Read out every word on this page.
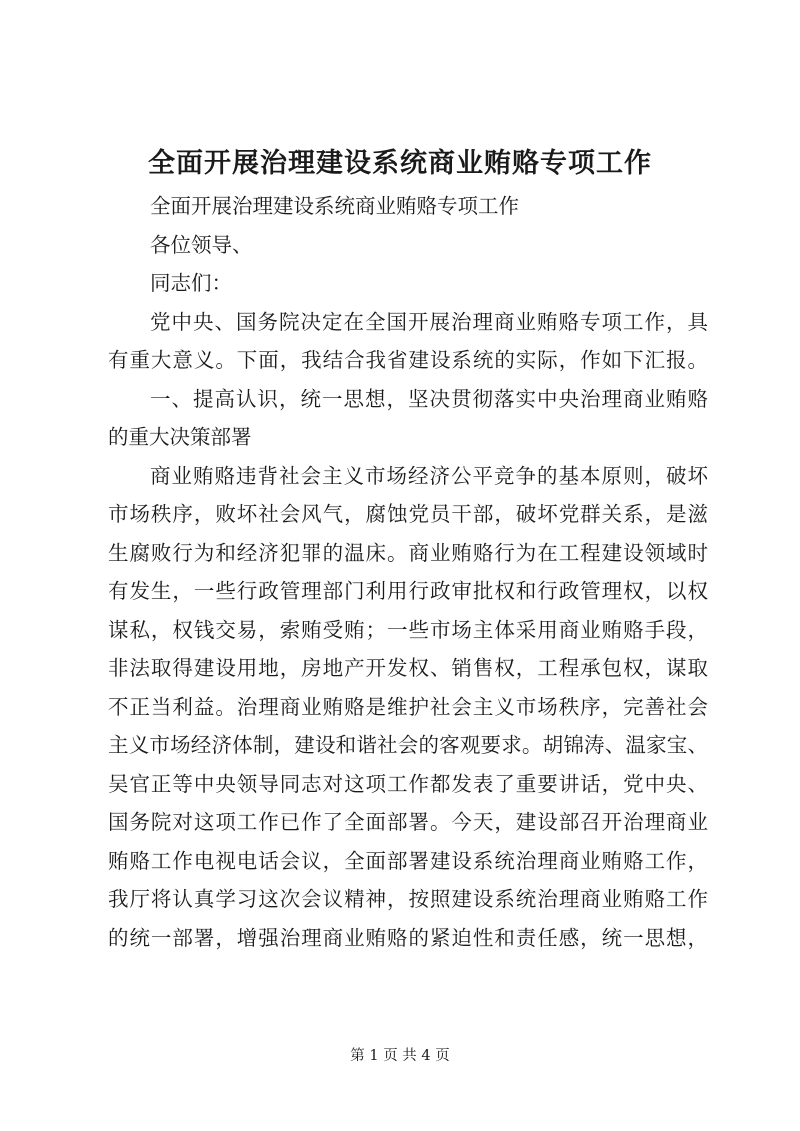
全面开展治理建设系统商业贿赂专项工作
全面开展治理建设系统商业贿赂专项工作
各位领导、
同志们：
党中央、国务院决定在全国开展治理商业贿赂专项工作，具
有重大意义。下面，我结合我省建设系统的实际，作如下汇报。
一、提高认识，统一思想，坚决贯彻落实中央治理商业贿赂
的重大决策部署
商业贿赂违背社会主义市场经济公平竞争的基本原则，破坏
市场秩序，败坏社会风气，腐蚀党员干部，破坏党群关系，是滋
生腐败行为和经济犯罪的温床。商业贿赂行为在工程建设领域时
有发生，一些行政管理部门利用行政审批权和行政管理权，以权
谋私，权钱交易，索贿受贿；一些市场主体采用商业贿赂手段，
非法取得建设用地，房地产开发权、销售权，工程承包权，谋取
不正当利益。治理商业贿赂是维护社会主义市场秩序，完善社会
主义市场经济体制，建设和谐社会的客观要求。胡锦涛、温家宝、
吴官正等中央领导同志对这项工作都发表了重要讲话，党中央、
国务院对这项工作已作了全面部署。今天，建设部召开治理商业
贿赂工作电视电话会议，全面部署建设系统治理商业贿赂工作，
我厅将认真学习这次会议精神，按照建设系统治理商业贿赂工作
的统一部署，增强治理商业贿赂的紧迫性和责任感，统一思想，
第 1 页 共 4 页
